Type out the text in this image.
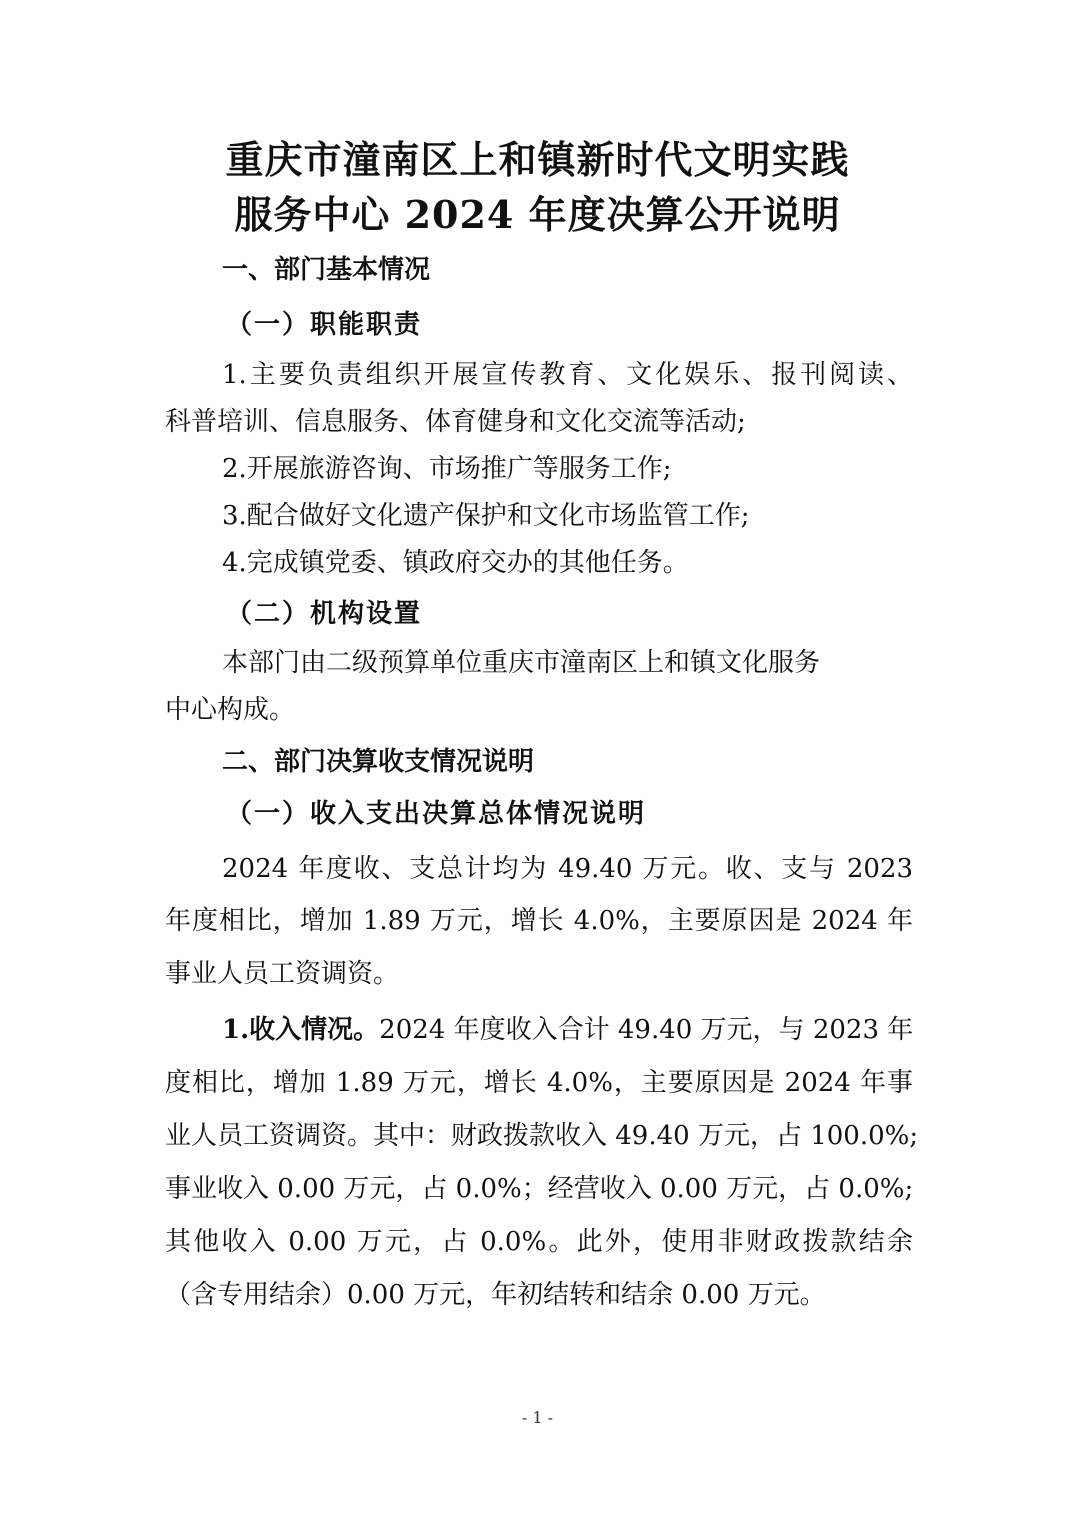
重庆市潼南区上和镇新时代文明实践
服务中心 2024 年度决算公开说明
一、部门基本情况
（一）职能职责
1.主要负责组织开展宣传教育、文化娱乐、报刊阅读、
科普培训、信息服务、体育健身和文化交流等活动;
2.开展旅游咨询、市场推广等服务工作;
3.配合做好文化遗产保护和文化市场监管工作;
4.完成镇党委、镇政府交办的其他任务。
（二）机构设置
本部门由二级预算单位重庆市潼南区上和镇文化服务
中心构成。
二、部门决算收支情况说明
（一）收入支出决算总体情况说明
2024 年度收、支总计均为 49.40 万元。收、支与 2023
年度相比，增加 1.89 万元，增长 4.0%，主要原因是 2024 年
事业人员工资调资。
1.收入情况。2024 年度收入合计 49.40 万元，与 2023 年
度相比，增加 1.89 万元，增长 4.0%，主要原因是 2024 年事
业人员工资调资。其中：财政拨款收入 49.40 万元，占 100.0%;
事业收入 0.00 万元，占 0.0%；经营收入 0.00 万元，占 0.0%;
其他收入 0.00 万元，占 0.0%。此外，使用非财政拨款结余
（含专用结余）0.00 万元，年初结转和结余 0.00 万元。
- 1 -
